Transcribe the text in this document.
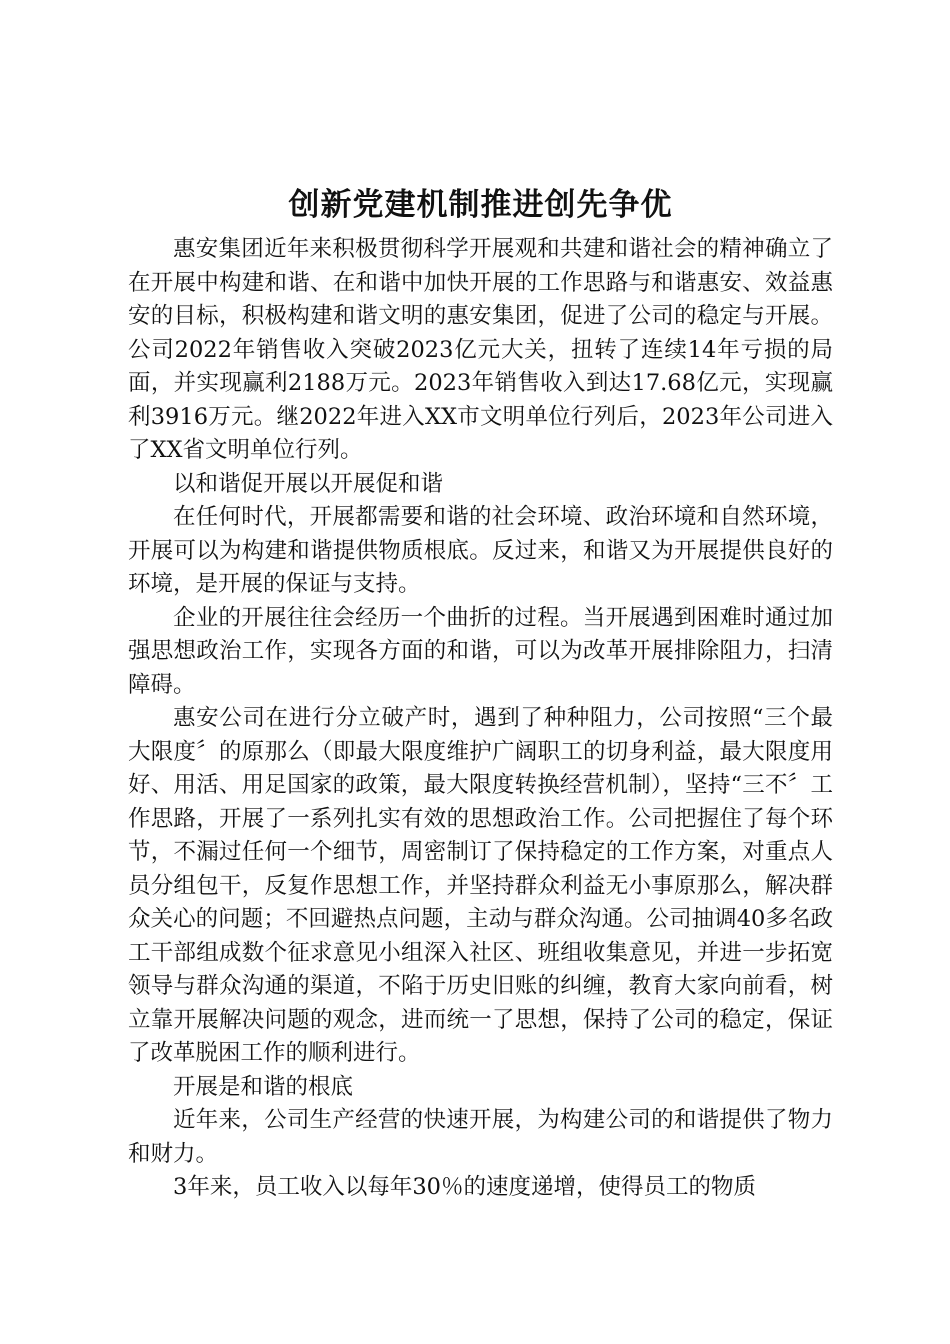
创新党建机制推进创先争优

惠安集团近年来积极贯彻科学开展观和共建和谐社会的精神确立了在开展中构建和谐、在和谐中加快开展的工作思路与和谐惠安、效益惠安的目标，积极构建和谐文明的惠安集团，促进了公司的稳定与开展。公司2022年销售收入突破2023亿元大关，扭转了连续14年亏损的局面，并实现赢利2188万元。2023年销售收入到达17.68亿元，实现赢利3916万元。继2022年进入XX市文明单位行列后，2023年公司进入了XX省文明单位行列。

以和谐促开展以开展促和谐

在任何时代，开展都需要和谐的社会环境、政治环境和自然环境，开展可以为构建和谐提供物质根底。反过来，和谐又为开展提供良好的环境，是开展的保证与支持。

企业的开展往往会经历一个曲折的过程。当开展遇到困难时通过加强思想政治工作，实现各方面的和谐，可以为改革开展排除阻力，扫清障碍。

惠安公司在进行分立破产时，遇到了种种阻力，公司按照“三个最大限度〞的原那么（即最大限度维护广阔职工的切身利益，最大限度用好、用活、用足国家的政策，最大限度转换经营机制），坚持“三不〞工作思路，开展了一系列扎实有效的思想政治工作。公司把握住了每个环节，不漏过任何一个细节，周密制订了保持稳定的工作方案，对重点人员分组包干，反复作思想工作，并坚持群众利益无小事原那么，解决群众关心的问题；不回避热点问题，主动与群众沟通。公司抽调40多名政工干部组成数个征求意见小组深入社区、班组收集意见，并进一步拓宽领导与群众沟通的渠道，不陷于历史旧账的纠缠，教育大家向前看，树立靠开展解决问题的观念，进而统一了思想，保持了公司的稳定，保证了改革脱困工作的顺利进行。

开展是和谐的根底

近年来，公司生产经营的快速开展，为构建公司的和谐提供了物力和财力。

3年来，员工收入以每年30％的速度递增，使得员工的物质
